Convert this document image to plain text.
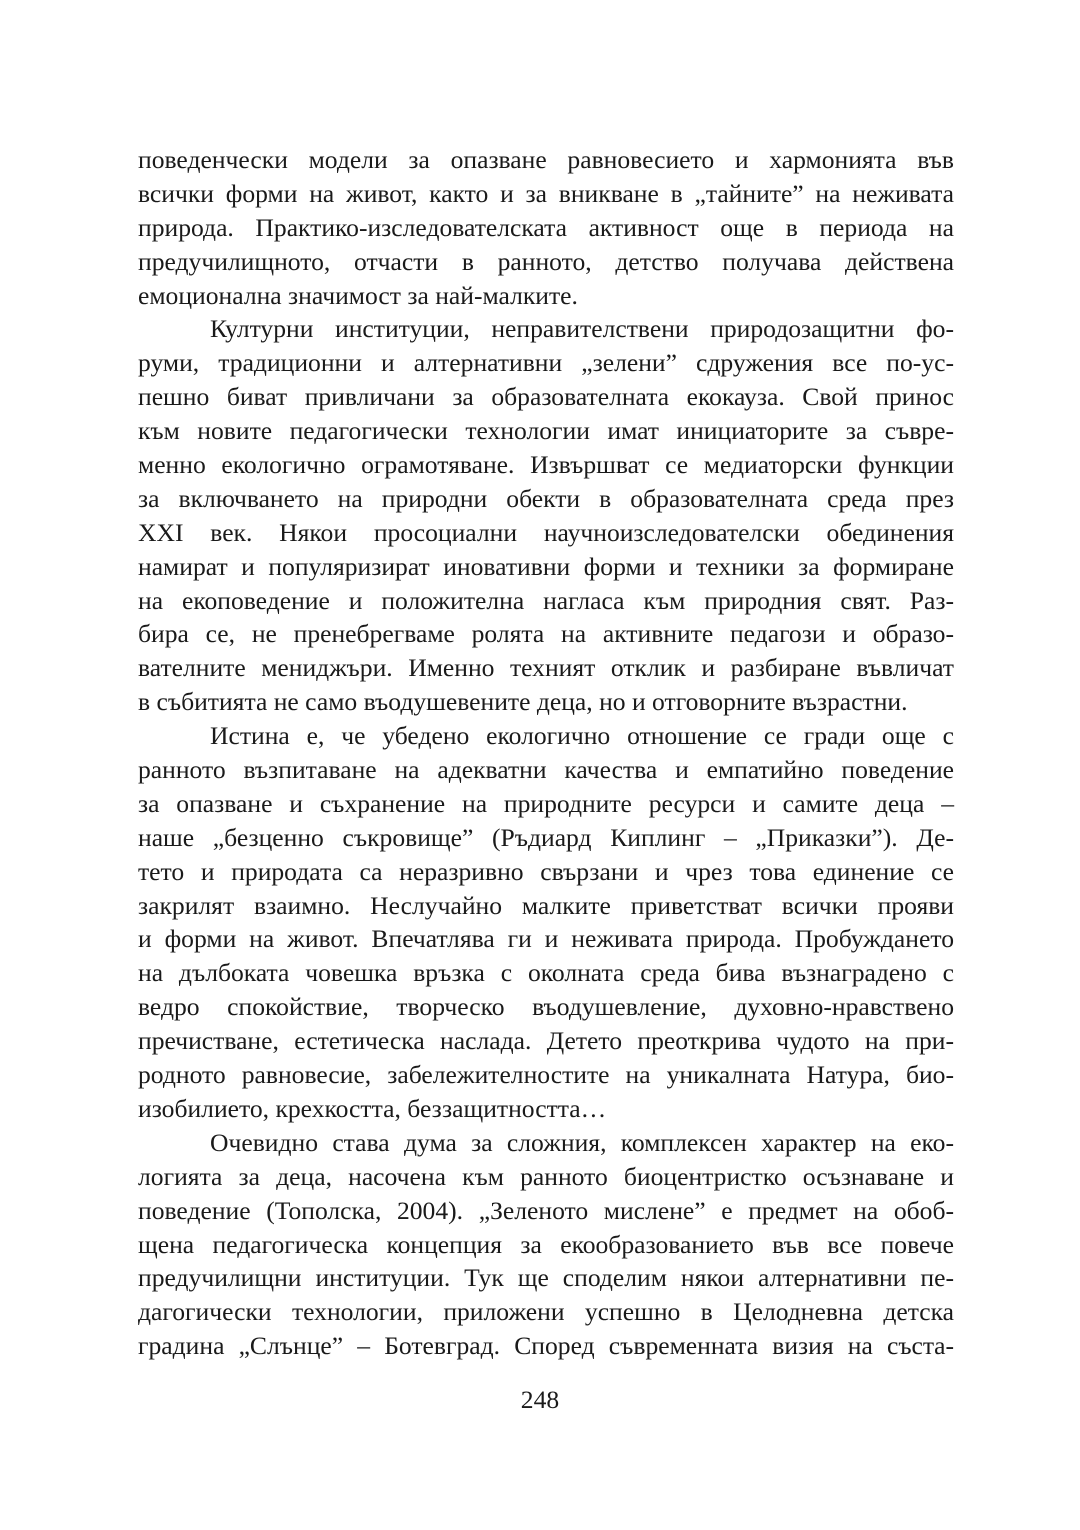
поведенчески модели за опазване равновесието и хармонията във
всички форми на живот, както и за вникване в „тайните” на неживата
природа. Практико-изследователската активност още в периода на
предучилищното, отчасти в ранното, детство получава действена
емоционална значимост за най-малките.
Културни институции, неправителствени природозащитни фо-
руми, традиционни и алтернативни „зелени” сдружения все по-ус-
пешно биват привличани за образователната екокауза. Свой принос
към новите педагогически технологии имат инициаторите за съвре-
менно екологично ограмотяване. Извършват се медиаторски функции
за включването на природни обекти в образователната среда през
XXI век. Някои просоциални научноизследователски обединения
намират и популяризират иновативни форми и техники за формиране
на екоповедение и положителна нагласа към природния свят. Раз-
бира се, не пренебрегваме ролята на активните педагози и образо-
вателните мениджъри. Именно техният отклик и разбиране въвличат
в събитията не само въодушевените деца, но и отговорните възрастни.
Истина е, че убедено екологично отношение се гради още с
ранното възпитаване на адекватни качества и емпатийно поведение
за опазване и съхранение на природните ресурси и самите деца –
наше „безценно съкровище” (Ръдиард Киплинг – „Приказки”). Де-
тето и природата са неразривно свързани и чрез това единение се
закрилят взаимно. Неслучайно малките приветстват всички прояви
и форми на живот. Впечатлява ги и неживата природа. Пробуждането
на дълбоката човешка връзка с околната среда бива възнаградено с
ведро спокойствие, творческо въодушевление, духовно-нравствено
пречистване, естетическа наслада. Детето преоткрива чудото на при-
родното равновесие, забележителностите на уникалната Натура, био-
изобилието, крехкостта, беззащитността…
Очевидно става дума за сложния, комплексен характер на еко-
логията за деца, насочена към ранното биоцентристко осъзнаване и
поведение (Тополска, 2004). „Зеленото мислене” е предмет на обоб-
щена педагогическа концепция за екообразованието във все повече
предучилищни институции. Тук ще споделим някои алтернативни пе-
дагогически технологии, приложени успешно в Целодневна детска
градина „Слънце” – Ботевград. Според съвременната визия на състa-
248
